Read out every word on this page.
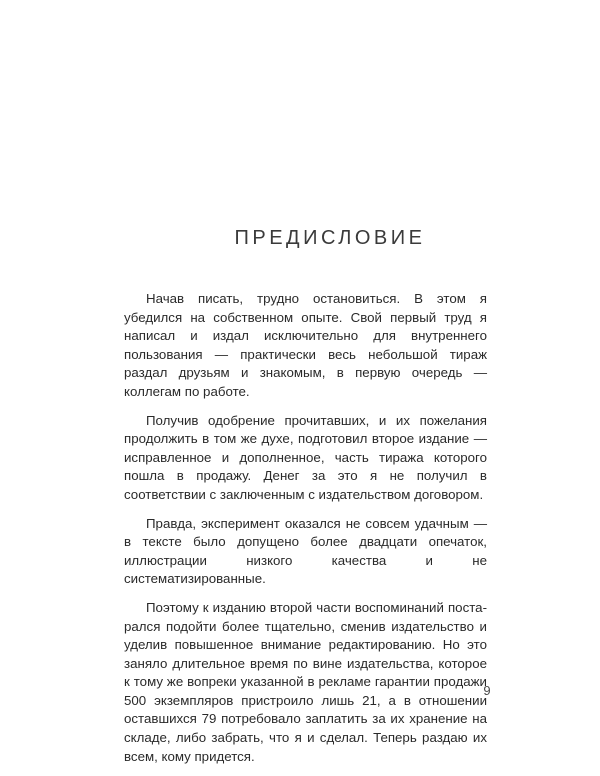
ПРЕДИСЛОВИЕ

Начав писать, трудно остановиться. В этом я убедился на собственном опыте. Свой первый труд я написал и издал исключительно для внутреннего пользования — практически весь небольшой тираж раздал друзьям и знакомым, в первую очередь — коллегам по работе.

Получив одобрение прочитавших, и их пожелания продолжить в том же духе, подготовил второе издание — исправленное и дополненное, часть тиража которого пошла в продажу. Денег за это я не получил в соответствии с заключенным с издательством договором.

Правда, эксперимент оказался не совсем удачным — в тексте было допущено более двадцати опечаток, иллюстрации низкого качества и не систематизированные.

Поэтому к изданию второй части воспоминаний постарался подойти более тщательно, сменив издательство и уделив повышенное внимание редактированию. Но это заняло длительное время по вине издательства, которое к тому же вопреки указанной в рекламе гарантии продажи 500 экземпляров пристроило лишь 21, а в отношении оставшихся 79 потребовало заплатить за их хранение на складе, либо забрать, что я и сделал. Теперь раздаю их всем, кому придется.

9
